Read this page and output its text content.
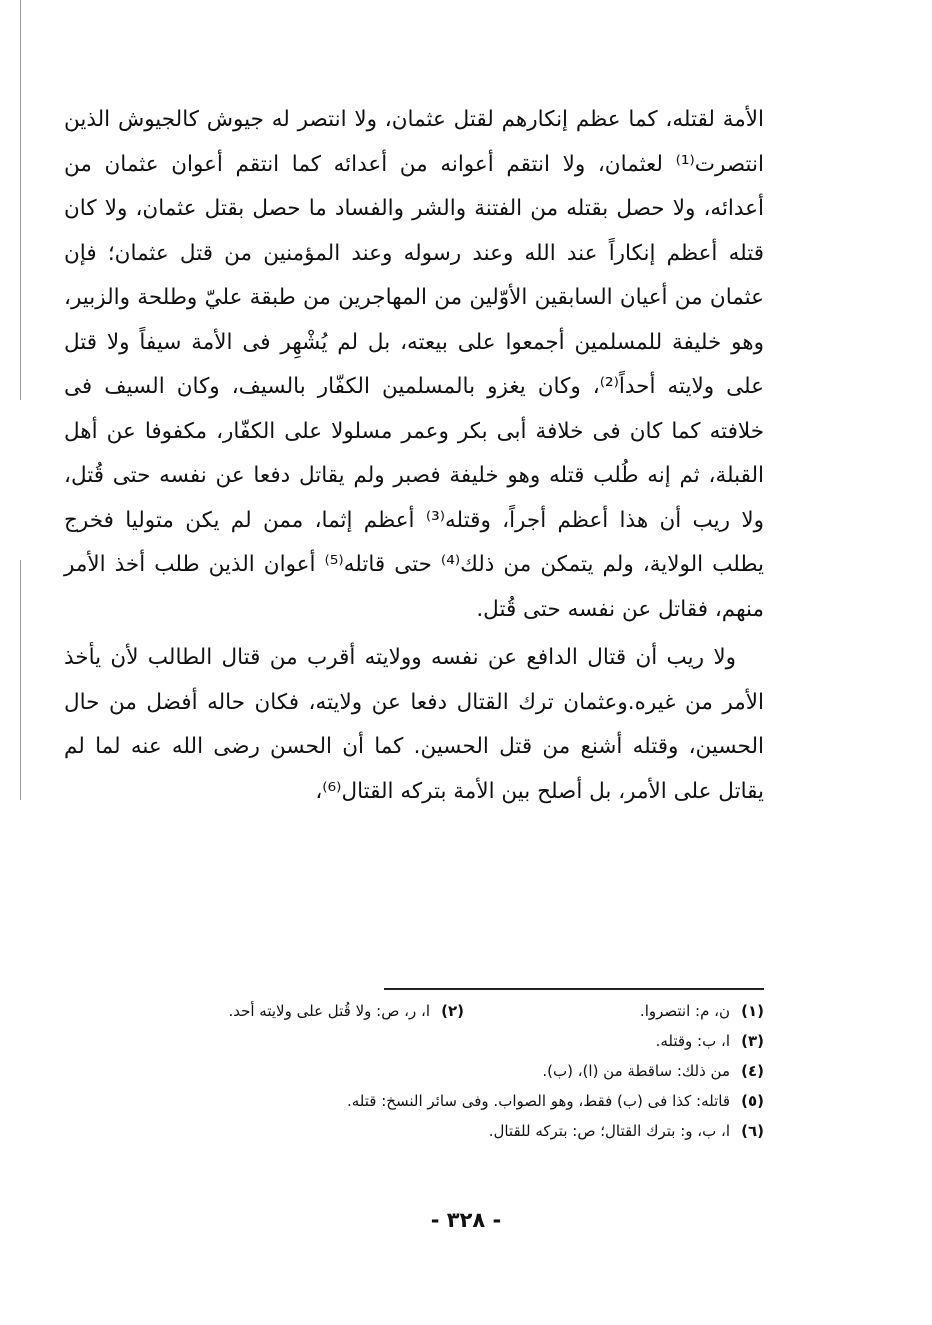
الأمة لقتله، كما عظم إنكارهم لقتل عثمان، ولا انتصر له جيوش كالجيوش الذين انتصرت⁽¹⁾ لعثمان، ولا انتقم أعوانه من أعدائه كما انتقم أعوان عثمان من أعدائه، ولا حصل بقتله من الفتنة والشر والفساد ما حصل بقتل عثمان، ولا كان قتله أعظم إنكاراً عند الله وعند رسوله وعند المؤمنين من قتل عثمان؛ فإن عثمان من أعيان السابقين الأوّلين من المهاجرين من طبقة عليّ وطلحة والزبير، وهو خليفة للمسلمين أجمعوا على بيعته، بل لم يُشْهِر فى الأمة سيفاً ولا قتل على ولايته أحداً⁽²⁾، وكان يغزو بالمسلمين الكفّار بالسيف، وكان السيف فى خلافته كما كان فى خلافة أبى بكر وعمر مسلولا على الكفّار، مكفوفا عن أهل القبلة، ثم إنه طُلب قتله وهو خليفة فصبر ولم يقاتل دفعا عن نفسه حتى قُتل، ولا ريب أن هذا أعظم أجراً، وقتله⁽³⁾ أعظم إثما، ممن لم يكن متوليا فخرج يطلب الولاية، ولم يتمكن من ذلك⁽⁴⁾ حتى قاتله⁽⁵⁾ أعوان الذين طلب أخذ الأمر منهم، فقاتل عن نفسه حتى قُتل.

ولا ريب أن قتال الدافع عن نفسه وولايته أقرب من قتال الطالب لأن يأخذ الأمر من غيره.وعثمان ترك القتال دفعا عن ولايته، فكان حاله أفضل من حال الحسين، وقتله أشنع من قتل الحسين. كما أن الحسن رضى الله عنه لما لم يقاتل على الأمر، بل أصلح بين الأمة بتركه القتال⁽⁶⁾،

(١)
ن، م: انتصروا.
(٢)
ا، ر، ص: ولا قُتل على ولايته أحد.
(٣)
ا، ب: وقتله.
(٤)
من ذلك: ساقطة من (ا)، (ب).
(٥)
قاتله: كذا فى (ب) فقط، وهو الصواب. وفى سائر النسخ: قتله.
(٦)
ا، ب، و: بترك القتال؛ ص: بتركه للقتال.
- ٣٢٨ -
